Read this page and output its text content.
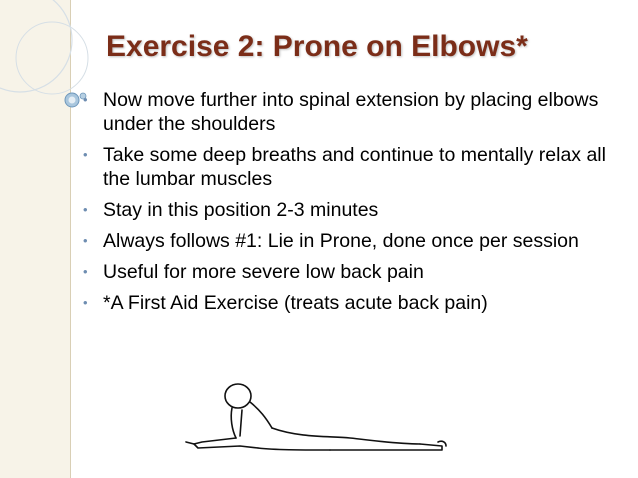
Exercise 2: Prone on Elbows*
• Now move further into spinal extension by placing elbows under the shoulders
• Take some deep breaths and continue to mentally relax all the lumbar muscles
• Stay in this position 2-3 minutes
• Always follows #1: Lie in Prone, done once per session
• Useful for more severe low back pain
• *A First Aid Exercise (treats acute back pain)
